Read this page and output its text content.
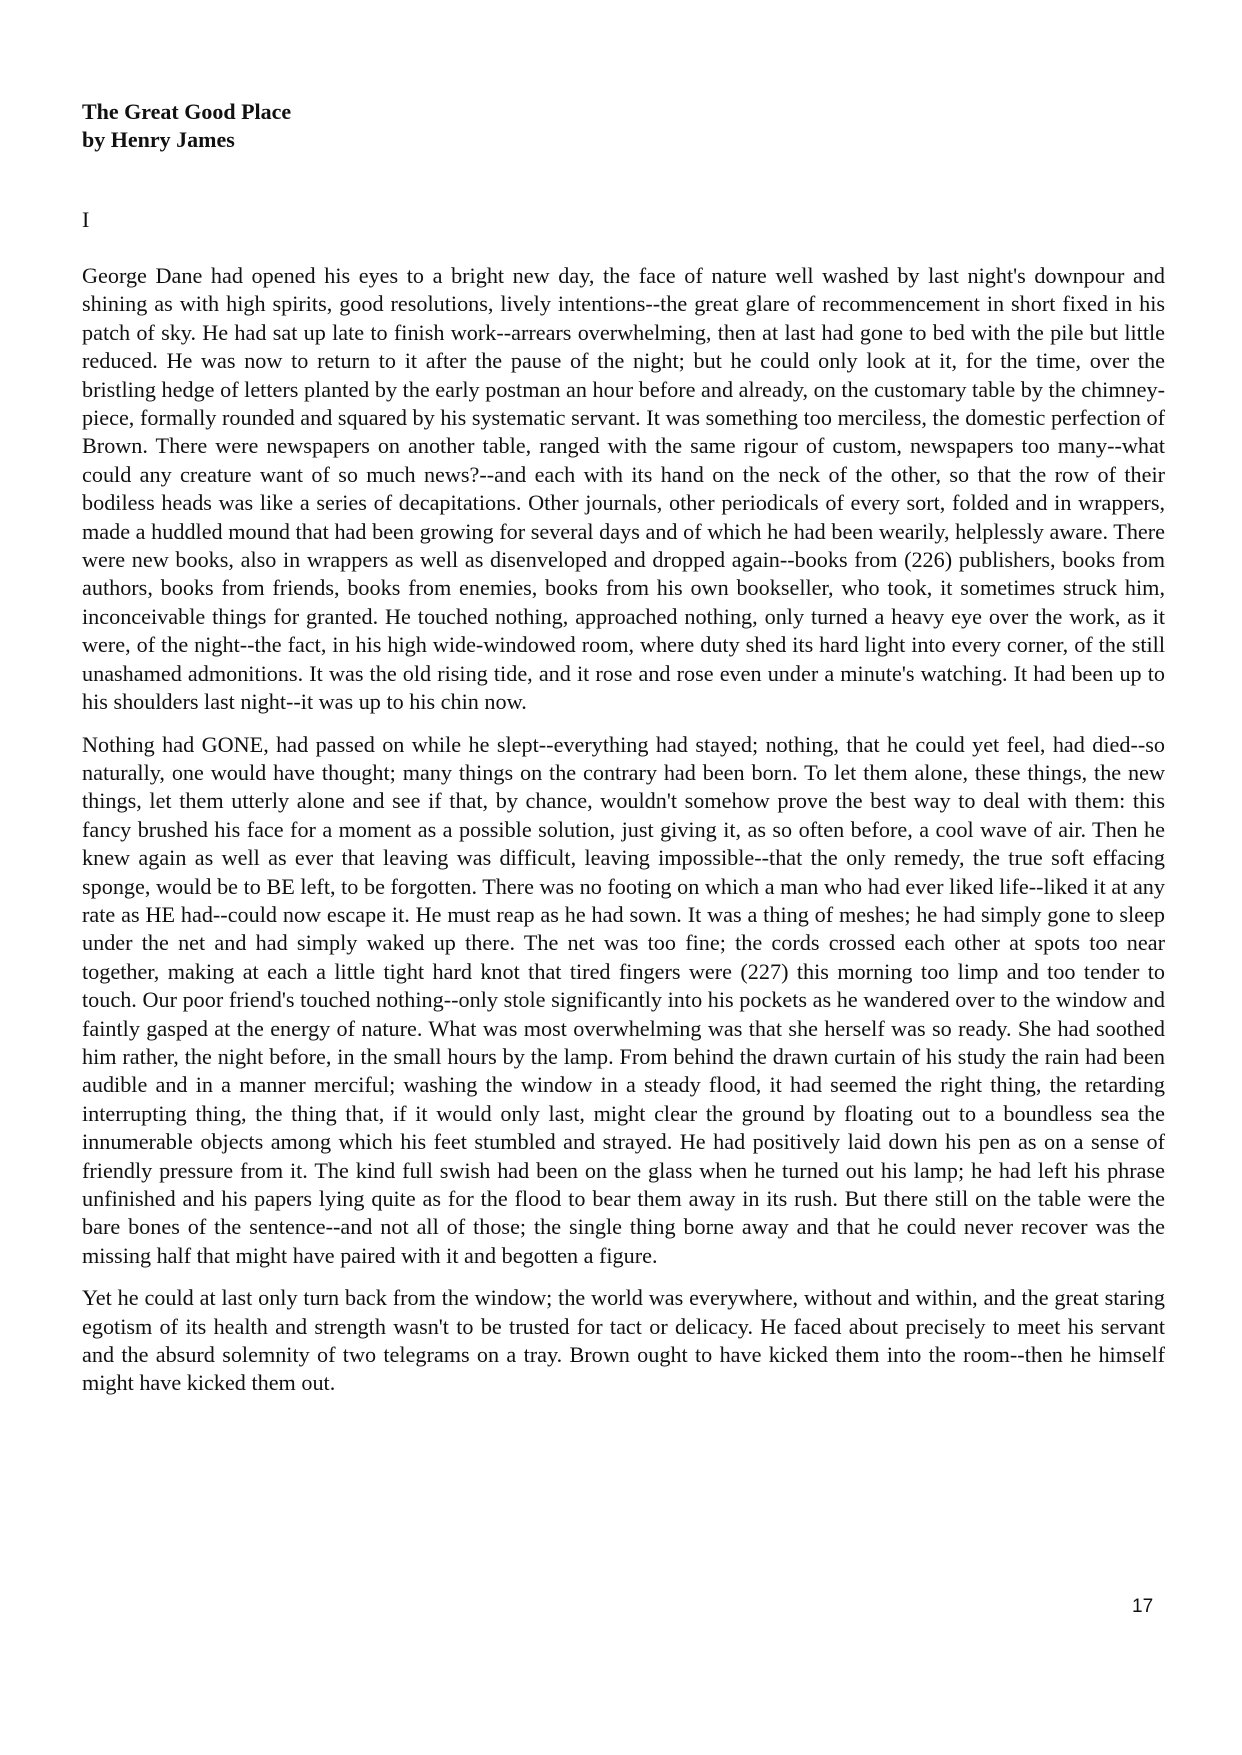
The Great Good Place
by Henry James
I

George Dane had opened his eyes to a bright new day, the face of nature well washed by last night's downpour and shining as with high spirits, good resolutions, lively intentions--the great glare of recommencement in short fixed in his patch of sky. He had sat up late to finish work--arrears overwhelming, then at last had gone to bed with the pile but little reduced. He was now to return to it after the pause of the night; but he could only look at it, for the time, over the bristling hedge of letters planted by the early postman an hour before and already, on the customary table by the chimney-piece, formally rounded and squared by his systematic servant. It was something too merciless, the domestic perfection of Brown. There were newspapers on another table, ranged with the same rigour of custom, newspapers too many--what could any creature want of so much news?--and each with its hand on the neck of the other, so that the row of their bodiless heads was like a series of decapitations. Other journals, other periodicals of every sort, folded and in wrappers, made a huddled mound that had been growing for several days and of which he had been wearily, helplessly aware. There were new books, also in wrappers as well as disenveloped and dropped again--books from (226) publishers, books from authors, books from friends, books from enemies, books from his own bookseller, who took, it sometimes struck him, inconceivable things for granted. He touched nothing, approached nothing, only turned a heavy eye over the work, as it were, of the night--the fact, in his high wide-windowed room, where duty shed its hard light into every corner, of the still unashamed admonitions. It was the old rising tide, and it rose and rose even under a minute's watching. It had been up to his shoulders last night--it was up to his chin now.

Nothing had GONE, had passed on while he slept--everything had stayed; nothing, that he could yet feel, had died--so naturally, one would have thought; many things on the contrary had been born. To let them alone, these things, the new things, let them utterly alone and see if that, by chance, wouldn't somehow prove the best way to deal with them: this fancy brushed his face for a moment as a possible solution, just giving it, as so often before, a cool wave of air. Then he knew again as well as ever that leaving was difficult, leaving impossible--that the only remedy, the true soft effacing sponge, would be to BE left, to be forgotten. There was no footing on which a man who had ever liked life--liked it at any rate as HE had--could now escape it. He must reap as he had sown. It was a thing of meshes; he had simply gone to sleep under the net and had simply waked up there. The net was too fine; the cords crossed each other at spots too near together, making at each a little tight hard knot that tired fingers were (227) this morning too limp and too tender to touch. Our poor friend's touched nothing--only stole significantly into his pockets as he wandered over to the window and faintly gasped at the energy of nature. What was most overwhelming was that she herself was so ready. She had soothed him rather, the night before, in the small hours by the lamp. From behind the drawn curtain of his study the rain had been audible and in a manner merciful; washing the window in a steady flood, it had seemed the right thing, the retarding interrupting thing, the thing that, if it would only last, might clear the ground by floating out to a boundless sea the innumerable objects among which his feet stumbled and strayed. He had positively laid down his pen as on a sense of friendly pressure from it. The kind full swish had been on the glass when he turned out his lamp; he had left his phrase unfinished and his papers lying quite as for the flood to bear them away in its rush. But there still on the table were the bare bones of the sentence--and not all of those; the single thing borne away and that he could never recover was the missing half that might have paired with it and begotten a figure.

Yet he could at last only turn back from the window; the world was everywhere, without and within, and the great staring egotism of its health and strength wasn't to be trusted for tact or delicacy. He faced about precisely to meet his servant and the absurd solemnity of two telegrams on a tray. Brown ought to have kicked them into the room--then he himself might have kicked them out.

17
